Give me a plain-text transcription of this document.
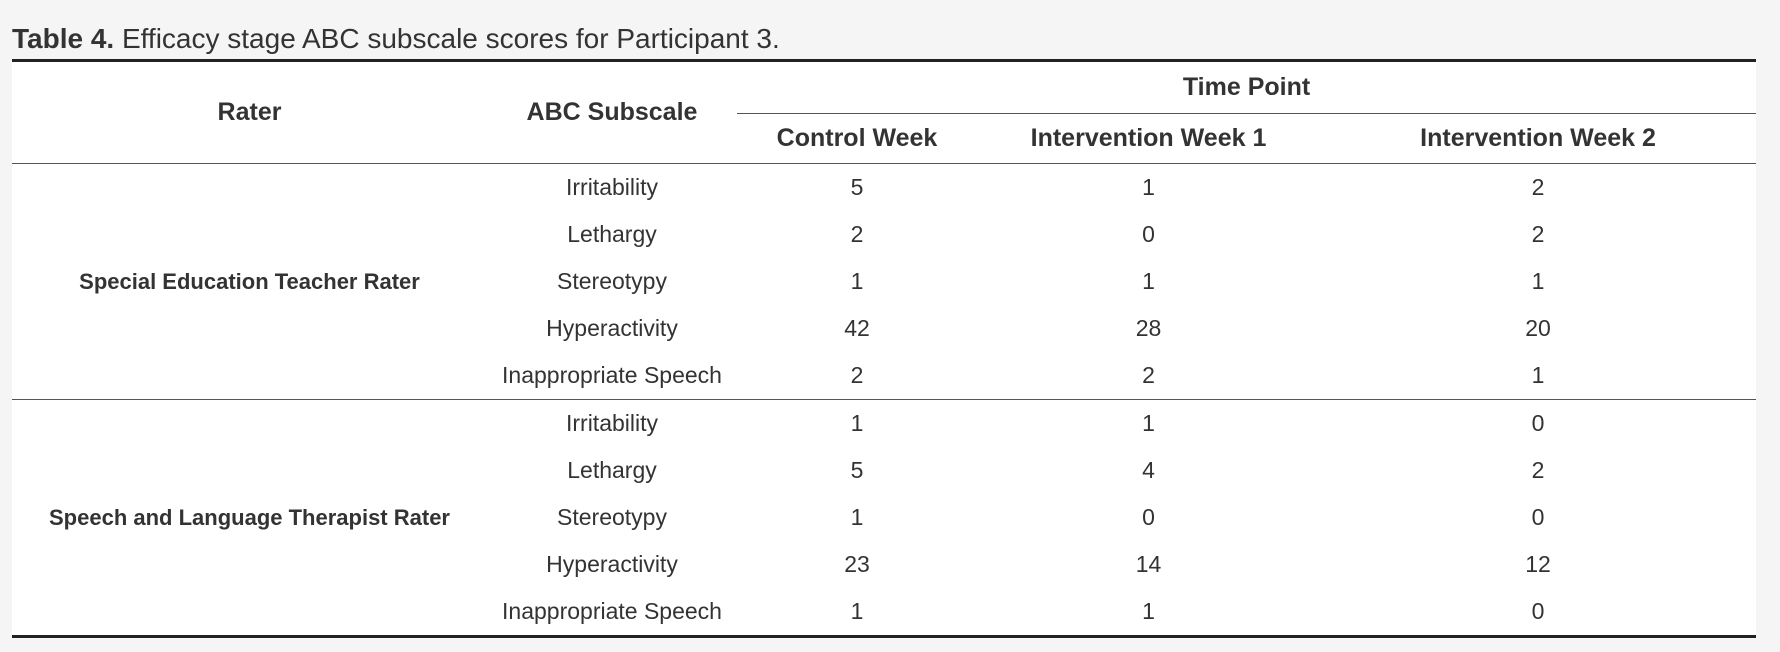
Table 4. Efficacy stage ABC subscale scores for Participant 3.
Rater	ABC Subscale	Time Point		
		Control Week	Intervention Week 1	Intervention Week 2
Special Education Teacher Rater	Irritability	5	1	2
	Lethargy	2	0	2
	Stereotypy	1	1	1
	Hyperactivity	42	28	20
	Inappropriate Speech	2	2	1
Speech and Language Therapist Rater	Irritability	1	1	0
	Lethargy	5	4	2
	Stereotypy	1	0	0
	Hyperactivity	23	14	12
	Inappropriate Speech	1	1	0
